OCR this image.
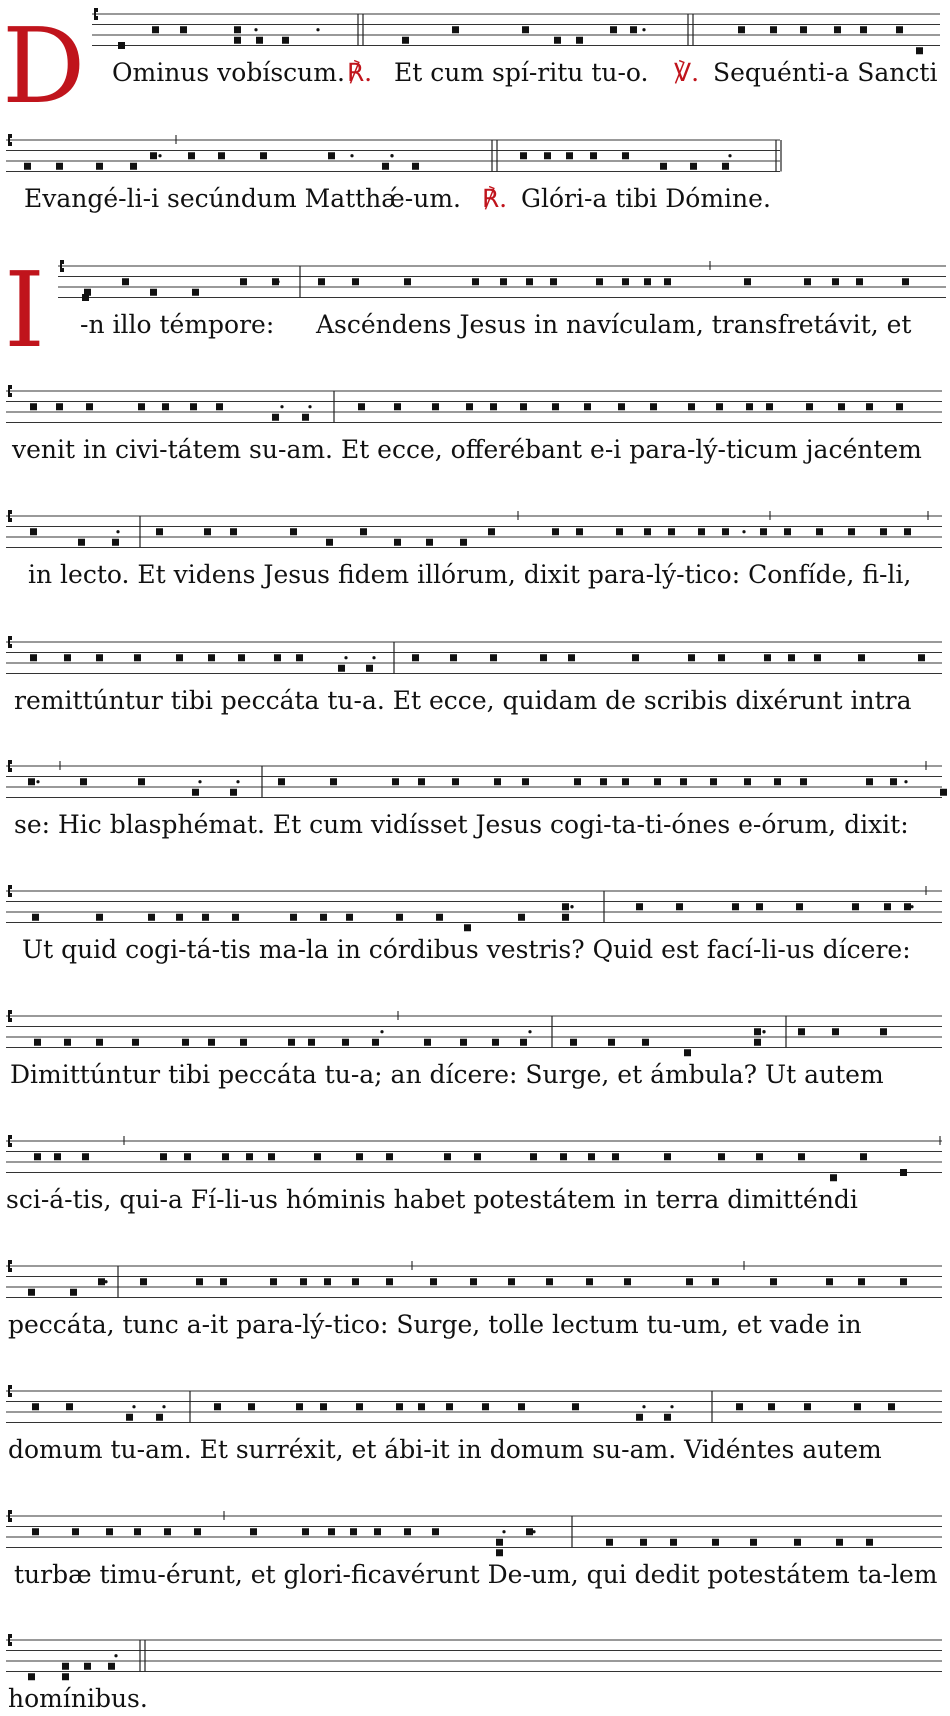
D
I
Ominus vobíscum. ℟. Et cum spí-ritu tu-o. ℣. Sequénti-a Sancti
Evangé-li-i secúndum Matthǽ-um. ℟. Glóri-a tibi Dómine.
-n illo témpore: Ascéndens Jesus in navículam, transfretávit, et
venit in civi-tátem su-am. Et ecce, offerébant e-i para-lý-ticum jacéntem
in lecto. Et videns Jesus fidem illórum, dixit para-lý-tico: Confíde, fi-li,
remittúntur tibi peccáta tu-a. Et ecce, quidam de scribis dixérunt intra
se: Hic blasphémat. Et cum vidísset Jesus cogi-ta-ti-ónes e-órum, dixit:
Ut quid cogi-tá-tis ma-la in córdibus vestris? Quid est fací-li-us dícere:
Dimittúntur tibi peccáta tu-a; an dícere: Surge, et ámbula? Ut autem
sci-á-tis, qui-a Fí-li-us hóminis habet potestátem in terra dimitténdi
peccáta, tunc a-it para-lý-tico: Surge, tolle lectum tu-um, et vade in
domum tu-am. Et surréxit, et ábi-it in domum su-am. Vidéntes autem
turbæ timu-érunt, et glori-ficavérunt De-um, qui dedit potestátem ta-lem
homínibus.
